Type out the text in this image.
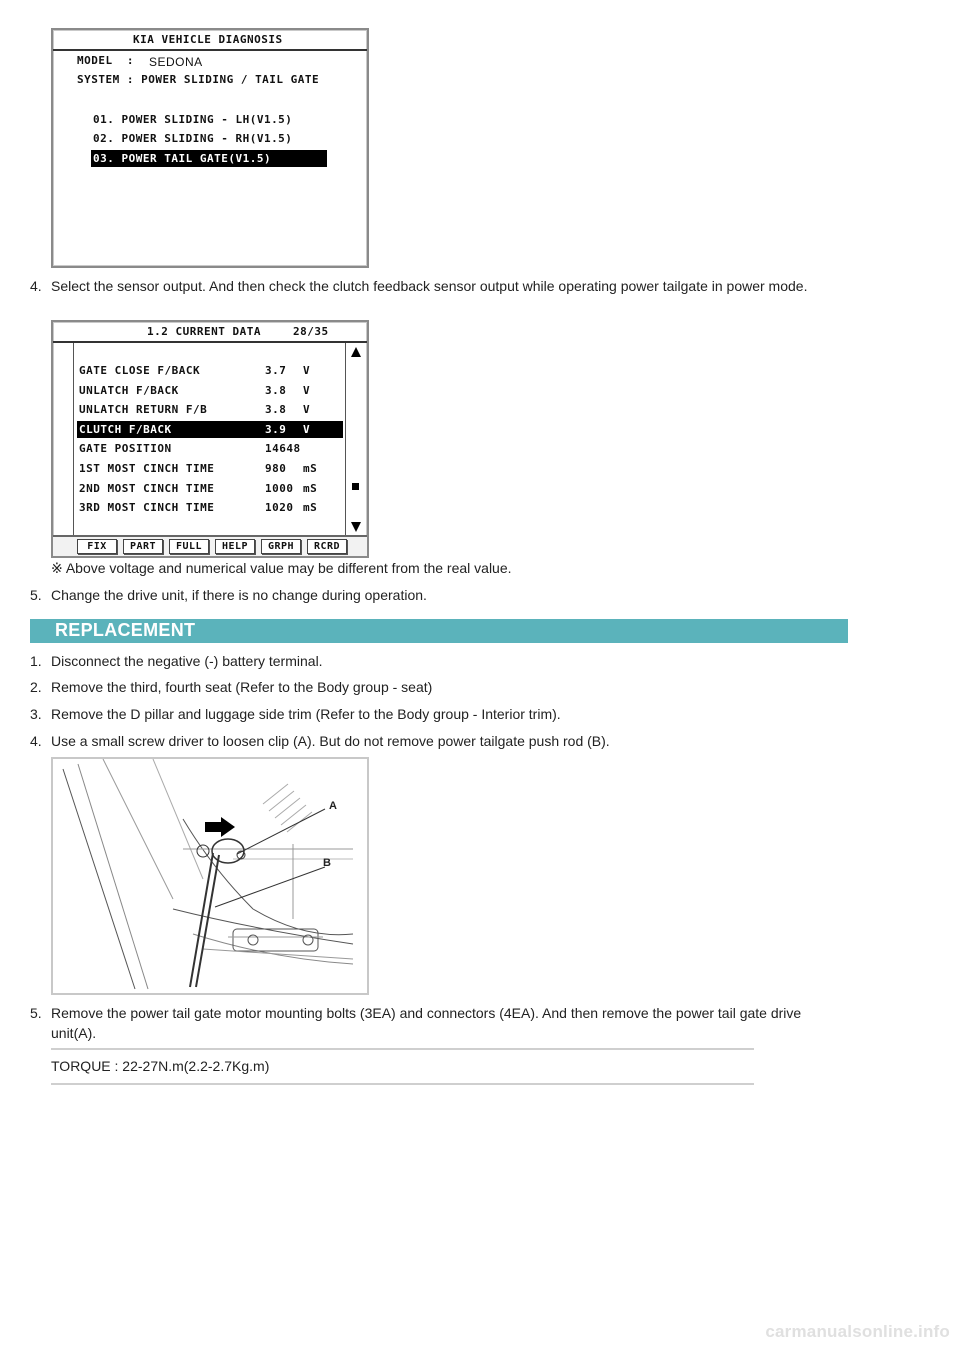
KIA VEHICLE DIAGNOSIS
MODEL  : SEDONA
SYSTEM : POWER SLIDING / TAIL GATE
01. POWER SLIDING - LH(V1.5)
02. POWER SLIDING - RH(V1.5)
03. POWER TAIL GATE(V1.5)
4. Select the sensor output. And then check the clutch feedback sensor output while operating power tailgate in power mode.
1.2 CURRENT DATA	28/35
GATE CLOSE F/BACK	3.7 V
UNLATCH F/BACK	3.8 V
UNLATCH RETURN F/B	3.8 V
CLUTCH F/BACK	3.9 V
GATE POSITION	14648
1ST MOST CINCH TIME	980 mS
2ND MOST CINCH TIME	1000 mS
3RD MOST CINCH TIME	1020 mS
FIX	PART	FULL	HELP	GRPH	RCRD
※ Above voltage and numerical value may be different from the real value.
5. Change the drive unit, if there is no change during operation.
REPLACEMENT
1. Disconnect the negative (-) battery terminal.
2. Remove the third, fourth seat (Refer to the Body group - seat)
3. Remove the D pillar and luggage side trim (Refer to the Body group - Interior trim).
4. Use a small screw driver to loosen clip (A). But do not remove power tailgate push rod (B).
A
B
5. Remove the power tail gate motor mounting bolts (3EA) and connectors (4EA). And then remove the power tail gate drive unit(A).
TORQUE : 22-27N.m(2.2-2.7Kg.m)
carmanualsonline.info
